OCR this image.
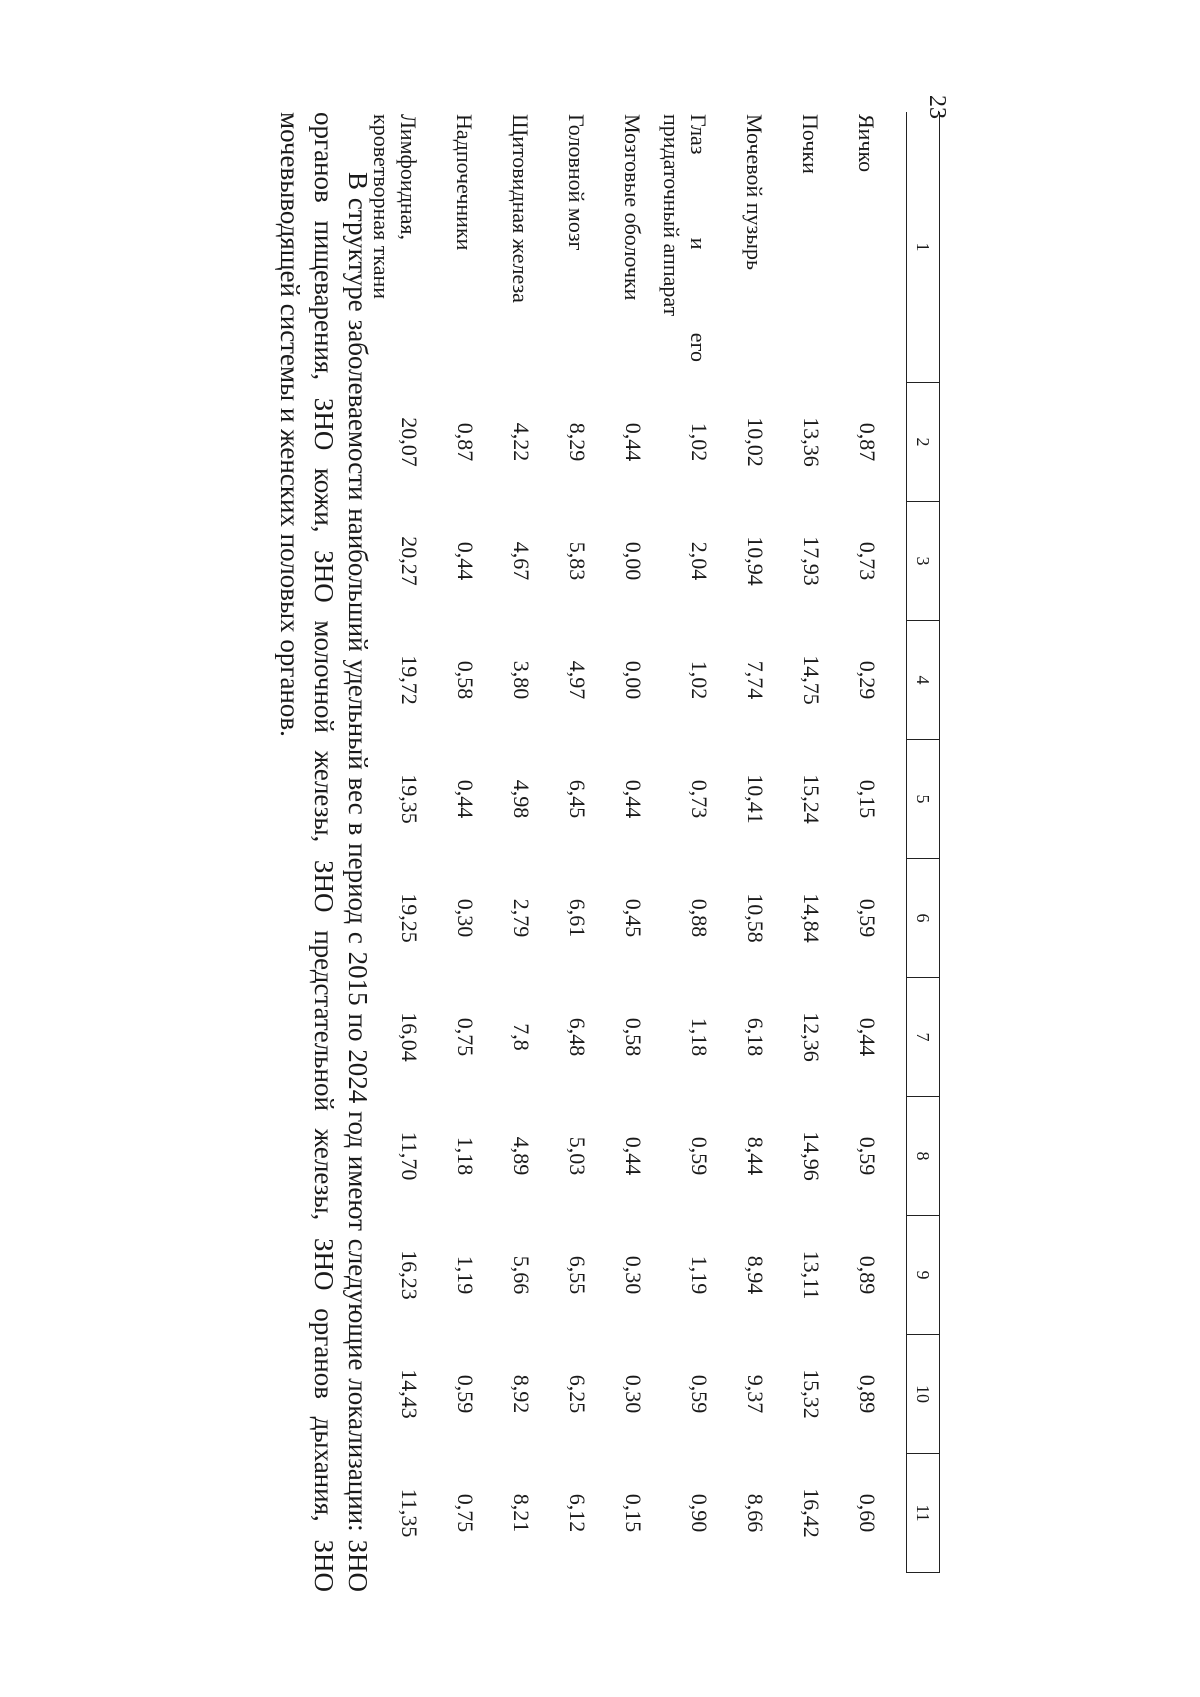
23
1	2	3	4	5	6	7	8	9	10	11

Яичко	0,87	0,73	0,29	0,15	0,59	0,44	0,59	0,89	0,89	0,60
Почки	13,36	17,93	14,75	15,24	14,84	12,36	14,96	13,11	15,32	16,42
Мочевой пузырь	10,02	10,94	7,74	10,41	10,58	6,18	8,44	8,94	9,37	8,66

Глаз
и
его
придаточный аппарат	1,02	2,04	1,02	0,73	0,88	1,18	0,59	1,19	0,59	0,90
Мозговые оболочки	0,44	0,00	0,00	0,44	0,45	0,58	0,44	0,30	0,30	0,15
Головной мозг	8,29	5,83	4,97	6,45	6,61	6,48	5,03	6,55	6,25	6,12
Щитовидная железа	4,22	4,67	3,80	4,98	2,79	7,8	4,89	5,66	8,92	8,21
Надпочечники	0,87	0,44	0,58	0,44	0,30	0,75	1,18	1,19	0,59	0,75

Лимфоидная,
кроветворная ткани	20,07	20,27	19,72	19,35	19,25	16,04	11,70	16,23	14,43	11,35

В структуре заболеваемости наибольший удельный вес в период с 2015 по 2024 год имеют следующие локализации: ЗНО органов пищеварения, ЗНО кожи, ЗНО молочной железы, ЗНО предстательной железы, ЗНО органов дыхания, ЗНО мочевыводящей системы и женских половых органов.
